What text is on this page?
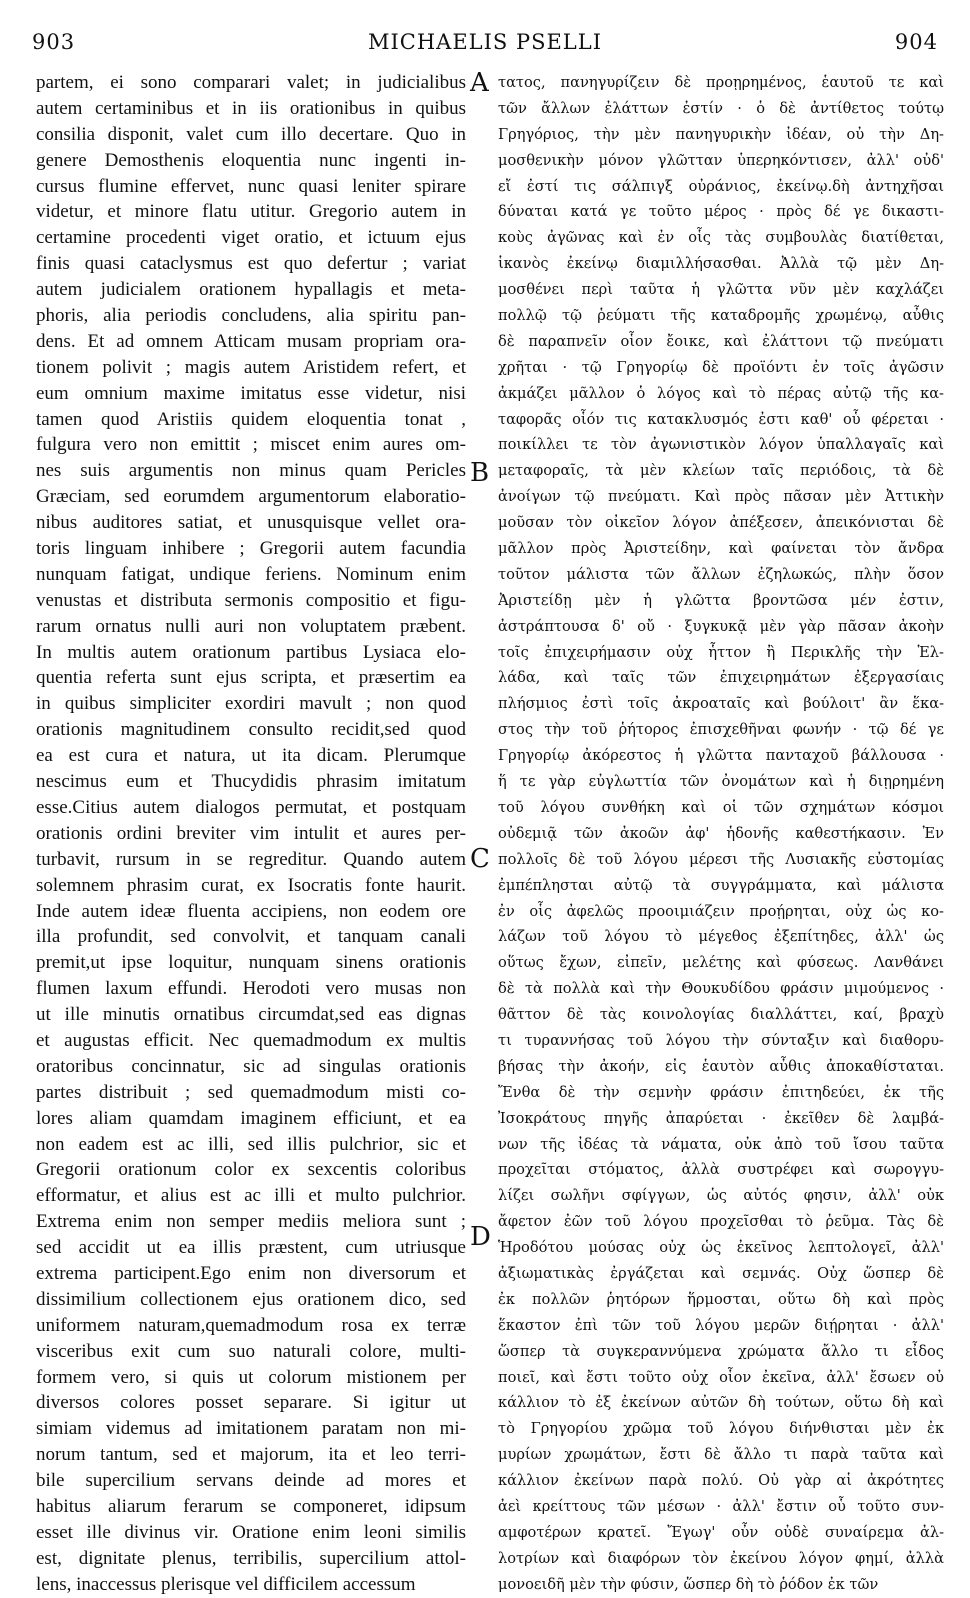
903	MICHAELIS PSELLI	904
partem, ei sono comparari valet; in judicialibus
autem certaminibus et in iis orationibus in quibus
consilia disponit, valet cum illo decertare. Quo in
genere Demosthenis eloquentia nunc ingenti in-
cursus flumine effervet, nunc quasi leniter spirare
videtur, et minore flatu utitur. Gregorio autem in
certamine procedenti viget oratio, et ictuum ejus
finis quasi cataclysmus est quo defertur ; variat
autem judicialem orationem hypallagis et meta-
phoris, alia periodis concludens, alia spiritu pan-
dens. Et ad omnem Atticam musam propriam ora-
tionem polivit ; magis autem Aristidem refert, et
eum omnium maxime imitatus esse videtur, nisi
tamen quod Aristiis quidem eloquentia tonat ,
fulgura vero non emittit ; miscet enim aures om-
nes suis argumentis non minus quam Pericles
Græciam, sed eorumdem argumentorum elaboratio-
nibus auditores satiat, et unusquisque vellet ora-
toris linguam inhibere ; Gregorii autem facundia
nunquam fatigat, undique feriens. Nominum enim
venustas et distributa sermonis compositio et figu-
rarum ornatus nulli auri non voluptatem præbent.
In multis autem orationum partibus Lysiaca elo-
quentia referta sunt ejus scripta, et præsertim ea
in quibus simpliciter exordiri mavult ; non quod
orationis magnitudinem consulto recidit,sed quod
ea est cura et natura, ut ita dicam. Plerumque
nescimus eum et Thucydidis phrasim imitatum
esse.Citius autem dialogos permutat, et postquam
orationis ordini breviter vim intulit et aures per-
turbavit, rursum in se regreditur. Quando autem
solemnem phrasim curat, ex Isocratis fonte haurit.
Inde autem ideæ fluenta accipiens, non eodem ore
illa profundit, sed convolvit, et tanquam canali
premit,ut ipse loquitur, nunquam sinens orationis
flumen laxum effundi. Herodoti vero musas non
ut ille minutis ornatibus circumdat,sed eas dignas
et augustas efficit. Nec quemadmodum ex multis
oratoribus concinnatur, sic ad singulas orationis
partes distribuit ; sed quemadmodum misti co-
lores aliam quamdam imaginem efficiunt, et ea
non eadem est ac illi, sed illis pulchrior, sic et
Gregorii orationum color ex sexcentis coloribus
efformatur, et alius est ac illi et multo pulchrior.
Extrema enim non semper mediis meliora sunt ;
sed accidit ut ea illis præstent, cum utriusque
extrema participent.Ego enim non diversorum et
dissimilium collectionem ejus orationem dico, sed
uniformem naturam,quemadmodum rosa ex terræ
visceribus exit cum suo naturali colore, multi-
formem vero, si quis ut colorum mistionem per
diversos colores posset separare. Si igitur ut
simiam videmus ad imitationem paratam non mi-
norum tantum, sed et majorum, ita et leo terri-
bile supercilium servans deinde ad mores et
habitus aliarum ferarum se componeret, idipsum
esset ille divinus vir. Oratione enim leoni similis
est, dignitate plenus, terribilis, supercilium attol-
lens, inaccessus plerisque vel difficilem accessum
τατος, πανηγυρίζειν δὲ προῃρημένος, ἑαυτοῦ τε καὶ
τῶν ἄλλων ἐλάττων ἐστίν · ὁ δὲ ἀντίθετος τούτῳ
Γρηγόριος, τὴν μὲν πανηγυρικὴν ἰδέαν, οὐ τὴν Δη-
μοσθενικὴν μόνον γλῶτταν ὑπερηκόντισεν, ἀλλ' οὐδ'
εἴ ἐστί τις σάλπιγξ οὐράνιος, ἐκείνῳ.δὴ ἀντηχῆσαι
δύναται κατά γε τοῦτο μέρος · πρὸς δέ γε δικαστι-
κοὺς ἀγῶνας καὶ ἐν οἷς τὰς συμβουλὰς διατίθεται,
ἱκανὸς ἐκείνῳ διαμιλλήσασθαι. Ἀλλὰ τῷ μὲν Δη-
μοσθένει περὶ ταῦτα ἡ γλῶττα νῦν μὲν καχλάζει
πολλῷ τῷ ῥεύματι τῆς καταδρομῆς χρωμένῳ, αὖθις
δὲ παραπνεῖν οἷον ἔοικε, καὶ ἐλάττονι τῷ πνεύματι
χρῆται · τῷ Γρηγορίῳ δὲ προϊόντι ἐν τοῖς ἀγῶσιν
ἀκμάζει μᾶλλον ὁ λόγος καὶ τὸ πέρας αὐτῷ τῆς κα-
ταφορᾶς οἷόν τις κατακλυσμός ἐστι καθ' οὗ φέρεται ·
ποικίλλει τε τὸν ἀγωνιστικὸν λόγον ὑπαλλαγαῖς καὶ
μεταφοραῖς, τὰ μὲν κλείων ταῖς περιόδοις, τὰ δὲ
ἀνοίγων τῷ πνεύματι. Καὶ πρὸς πᾶσαν μὲν Ἀττικὴν
μοῦσαν τὸν οἰκεῖον λόγον ἀπέξεσεν, ἀπεικόνισται δὲ
μᾶλλον πρὸς Ἀριστείδην, καὶ φαίνεται τὸν ἄνδρα
τοῦτον μάλιστα τῶν ἄλλων ἐζηλωκώς, πλὴν ὅσον
Ἀριστείδῃ μὲν ἡ γλῶττα βροντῶσα μέν ἐστιν,
ἀστράπτουσα δ' οὔ · ξυγκυκᾷ μὲν γὰρ πᾶσαν ἀκοὴν
τοῖς ἐπιχειρήμασιν οὐχ ἧττον ἢ Περικλῆς τὴν Ἑλ-
λάδα, καὶ ταῖς τῶν ἐπιχειρημάτων ἐξεργασίαις
πλήσμιος ἐστὶ τοῖς ἀκροαταῖς καὶ βούλοιτ' ἂν ἕκα-
στος τὴν τοῦ ῥήτορος ἐπισχεθῆναι φωνήν · τῷ δέ γε
Γρηγορίῳ ἀκόρεστος ἡ γλῶττα πανταχοῦ βάλλουσα ·
ἥ τε γὰρ εὐγλωττία τῶν ὀνομάτων καὶ ἡ διῃρημένη
τοῦ λόγου συνθήκη καὶ οἱ τῶν σχημάτων κόσμοι
οὐδεμιᾷ τῶν ἀκοῶν ἀφ' ἡδονῆς καθεστήκασιν. Ἐν
πολλοῖς δὲ τοῦ λόγου μέρεσι τῆς Λυσιακῆς εὐστομίας
ἐμπέπλησται αὐτῷ τὰ συγγράμματα, καὶ μάλιστα
ἐν οἷς ἀφελῶς προοιμιάζειν προῄρηται, οὐχ ὡς κο-
λάζων τοῦ λόγου τὸ μέγεθος ἐξεπίτηδες, ἀλλ' ὡς
οὕτως ἔχων, εἰπεῖν, μελέτης καὶ φύσεως. Λανθάνει
δὲ τὰ πολλὰ καὶ τὴν Θουκυδίδου φράσιν μιμούμενος ·
θᾶττον δὲ τὰς κοινολογίας διαλλάττει, καί, βραχὺ
τι τυραννήσας τοῦ λόγου τὴν σύνταξιν καὶ διαθορυ-
βήσας τὴν ἀκοήν, εἰς ἑαυτὸν αὖθις ἀποκαθίσταται.
Ἔνθα δὲ τὴν σεμνὴν φράσιν ἐπιτηδεύει, ἐκ τῆς
Ἰσοκράτους πηγῆς ἀπαρύεται · ἐκεῖθεν δὲ λαμβά-
νων τῆς ἰδέας τὰ νάματα, οὐκ ἀπὸ τοῦ ἴσου ταῦτα
προχεῖται στόματος, ἀλλὰ συστρέφει καὶ σωρογγυ-
λίζει σωλῆνι σφίγγων, ὡς αὐτός φησιν, ἀλλ' οὐκ
ἄφετον ἐῶν τοῦ λόγου προχεῖσθαι τὸ ῥεῦμα. Τὰς δὲ
Ἡροδότου μούσας οὐχ ὡς ἐκεῖνος λεπτολογεῖ, ἀλλ'
ἀξιωματικὰς ἐργάζεται καὶ σεμνάς. Οὐχ ὥσπερ δὲ
ἐκ πολλῶν ῥητόρων ἥρμοσται, οὕτω δὴ καὶ πρὸς
ἕκαστον ἐπὶ τῶν τοῦ λόγου μερῶν διῄρηται · ἀλλ'
ὥσπερ τὰ συγκεραννύμενα χρώματα ἄλλο τι εἶδος
ποιεῖ, καὶ ἔστι τοῦτο οὐχ οἷον ἐκεῖνα, ἀλλ' ἔσωεν οὐ
κάλλιον τὸ ἐξ ἐκείνων αὐτῶν δὴ τούτων, οὕτω δὴ καὶ
τὸ Γρηγορίου χρῶμα τοῦ λόγου διήνθισται μὲν ἐκ
μυρίων χρωμάτων, ἔστι δὲ ἄλλο τι παρὰ ταῦτα καὶ
κάλλιον ἐκείνων παρὰ πολύ. Οὐ γὰρ αἱ ἀκρότητες
ἀεὶ κρείττους τῶν μέσων · ἀλλ' ἔστιν οὗ τοῦτο συν-
αμφοτέρων κρατεῖ. Ἔγωγ' οὖν οὐδὲ συναίρεμα ἀλ-
λοτρίων καὶ διαφόρων τὸν ἐκείνου λόγον φημί, ἀλλὰ
μονοειδῆ μὲν τὴν φύσιν, ὥσπερ δὴ τὸ ῥόδον ἐκ τῶν
A
B
C
D
